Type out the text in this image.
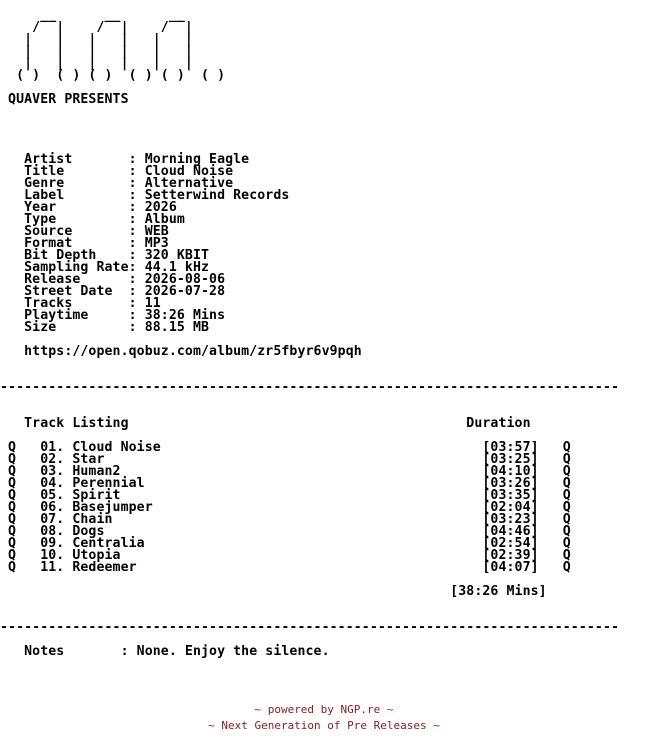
__      __      __
/  |    /  |    /  |
|   |   |   |   |   |
|   |   |   |   |   |
|   |   |   |   |   |
( )  ( ) ( )  ( ) ( )  ( )
QUAVER PRESENTS
Artist       : Morning Eagle
Title        : Cloud Noise
Genre        : Alternative
Label        : Setterwind Records
Year         : 2026
Type         : Album
Source       : WEB
Format       : MP3
Bit Depth    : 320 KBIT
Sampling Rate: 44.1 kHz
Release      : 2026-08-06
Street Date  : 2026-07-28
Tracks       : 11
Playtime     : 38:26 Mins
Size         : 88.15 MB
https://open.qobuz.com/album/zr5fbyr6v9pqh
-----------------------------------------------------------------------------
Track Listing                                          Duration
Q   01. Cloud Noise                                        [03:57]   Q
Q   02. Star                                               [03:25]   Q
Q   03. Human2                                             [04:10]   Q
Q   04. Perennial                                          [03:26]   Q
Q   05. Spirit                                             [03:35]   Q
Q   06. Basejumper                                         [02:04]   Q
Q   07. Chain                                              [03:23]   Q
Q   08. Dogs                                               [04:46]   Q
Q   09. Centralia                                          [02:54]   Q
Q   10. Utopia                                             [02:39]   Q
Q   11. Redeemer                                           [04:07]   Q
[38:26 Mins]
-----------------------------------------------------------------------------
Notes       : None. Enjoy the silence.
~ powered by NGP.re ~
~ Next Generation of Pre Releases ~
